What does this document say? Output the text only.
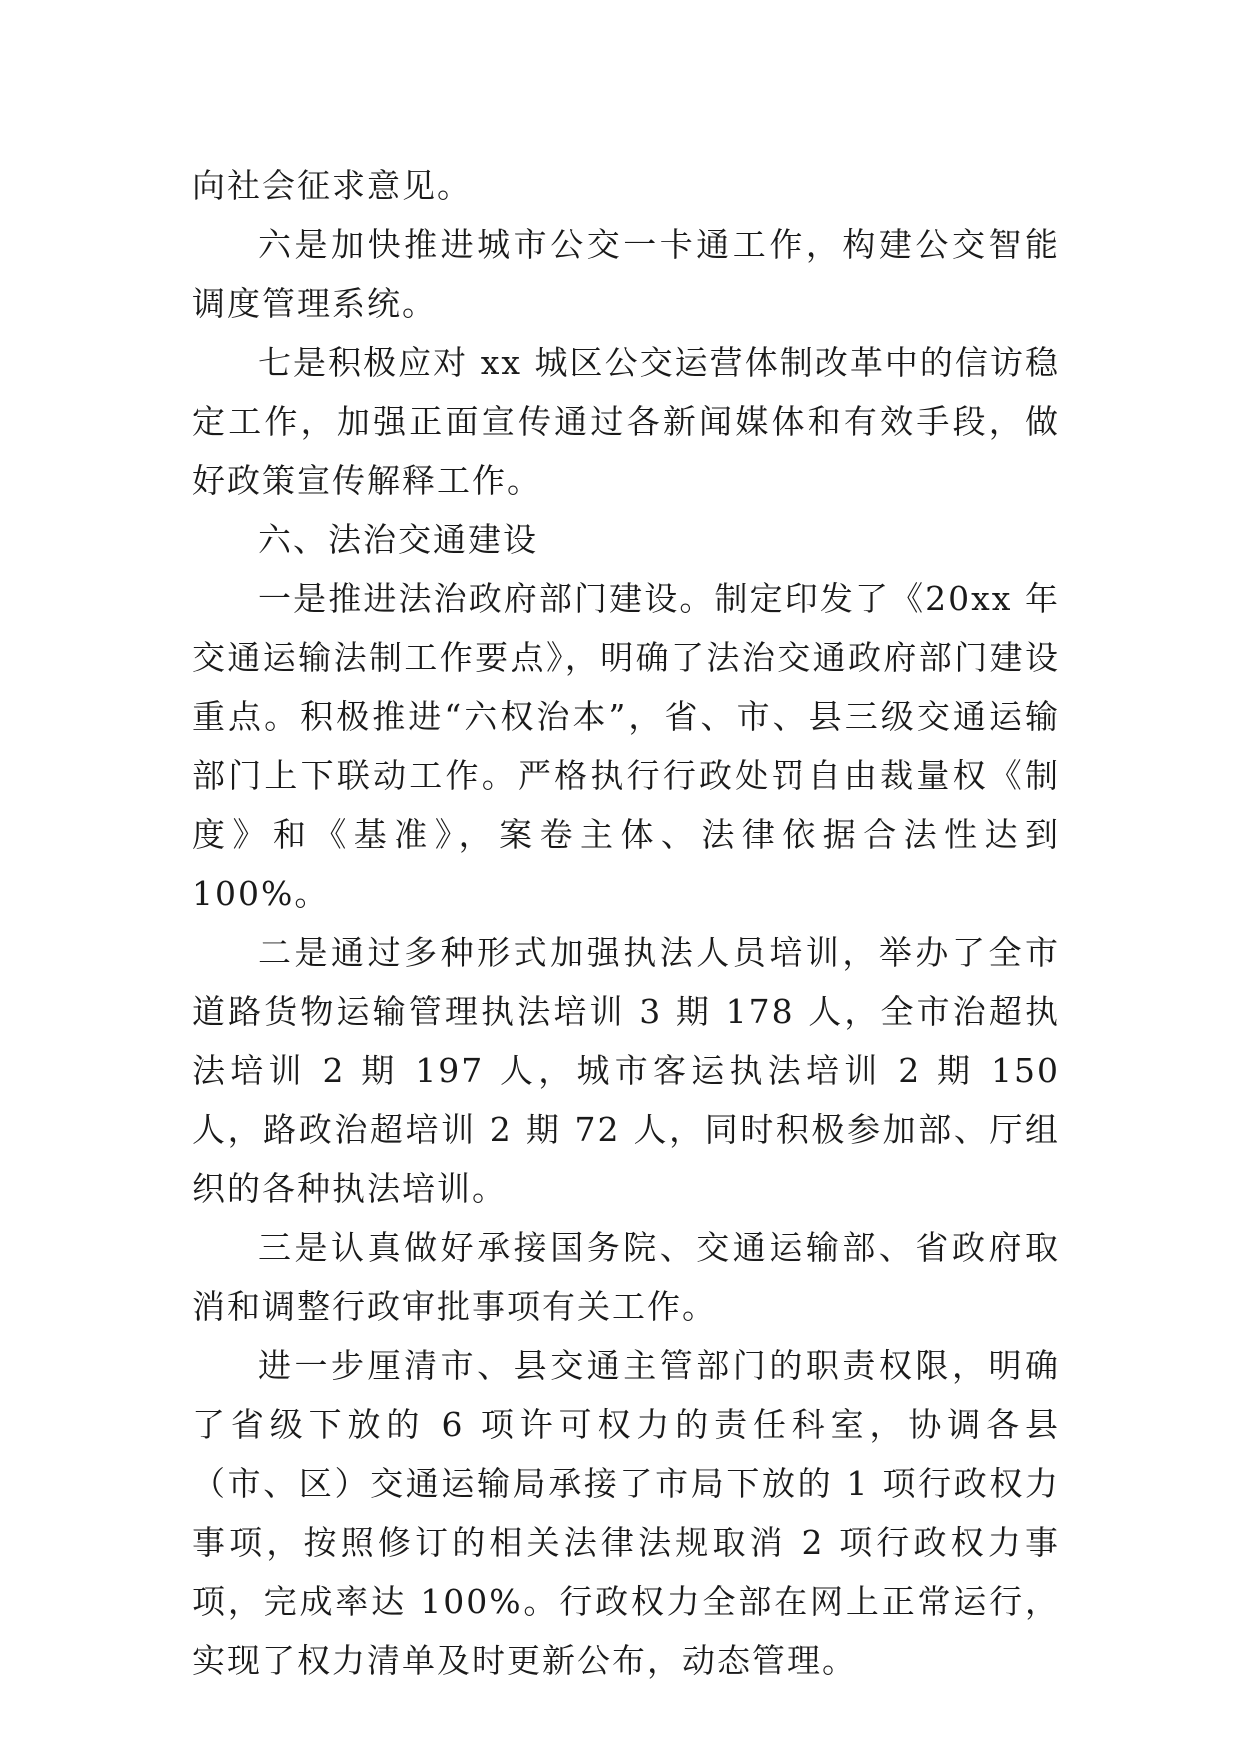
向社会征求意见。

六是加快推进城市公交一卡通工作，构建公交智能调度管理系统。

七是积极应对 xx 城区公交运营体制改革中的信访稳定工作，加强正面宣传通过各新闻媒体和有效手段，做好政策宣传解释工作。

六、法治交通建设

一是推进法治政府部门建设。制定印发了《20xx 年交通运输法制工作要点》，明确了法治交通政府部门建设重点。积极推进“六权治本”，省、市、县三级交通运输部门上下联动工作。严格执行行政处罚自由裁量权《制度》和《基准》，案卷主体、法律依据合法性达到 100%。

二是通过多种形式加强执法人员培训，举办了全市道路货物运输管理执法培训 3 期 178 人，全市治超执法培训 2 期 197 人，城市客运执法培训 2 期 150 人，路政治超培训 2 期 72 人，同时积极参加部、厅组织的各种执法培训。

三是认真做好承接国务院、交通运输部、省政府取消和调整行政审批事项有关工作。

进一步厘清市、县交通主管部门的职责权限，明确了省级下放的 6 项许可权力的责任科室，协调各县（市、区）交通运输局承接了市局下放的 1 项行政权力事项，按照修订的相关法律法规取消 2 项行政权力事项，完成率达 100%。行政权力全部在网上正常运行，实现了权力清单及时更新公布，动态管理。
